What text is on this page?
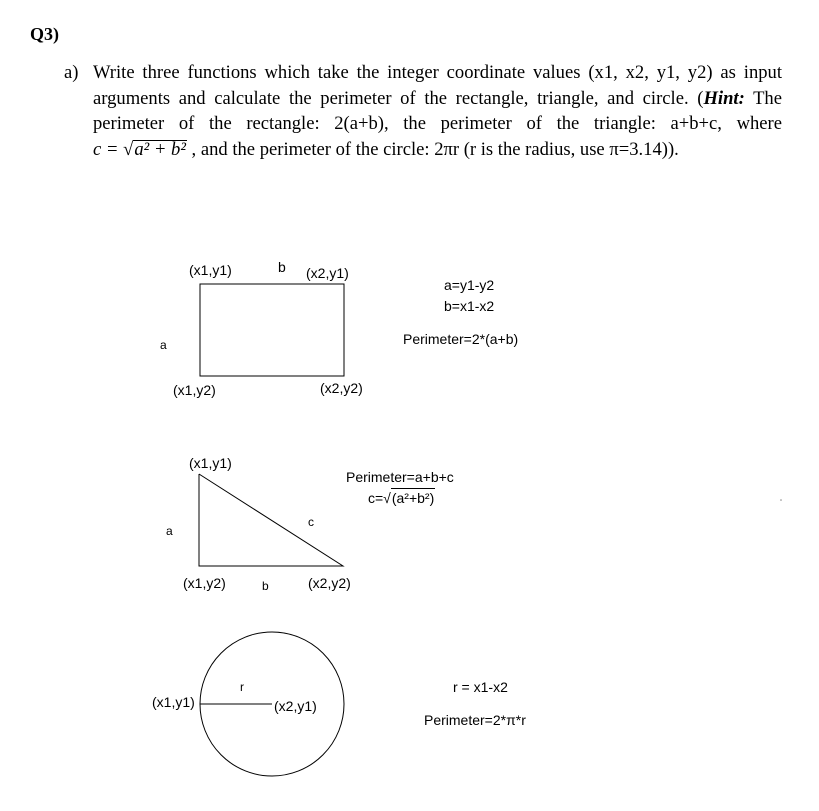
Q3)
a) Write three functions which take the integer coordinate values (x1, x2, y1, y2) as input
arguments and calculate the perimeter of the rectangle, triangle, and circle. (Hint: The
perimeter of the rectangle: 2(a+b), the perimeter of the triangle: a+b+c, where
c = √a² + b² , and the perimeter of the circle: 2πr (r is the radius, use π=3.14)).
(x1,y1)	b (x2,y1)
a
(x1,y2)	(x2,y2)
a=y1-y2
b=x1-x2
Perimeter=2*(a+b)
(x1,y1)
a
c
(x1,y2)	b	(x2,y2)
Perimeter=a+b+c
c=√(a²+b²)
(x1,y1)
r
(x2,y1)
r = x1-x2
Perimeter=2*π*r
